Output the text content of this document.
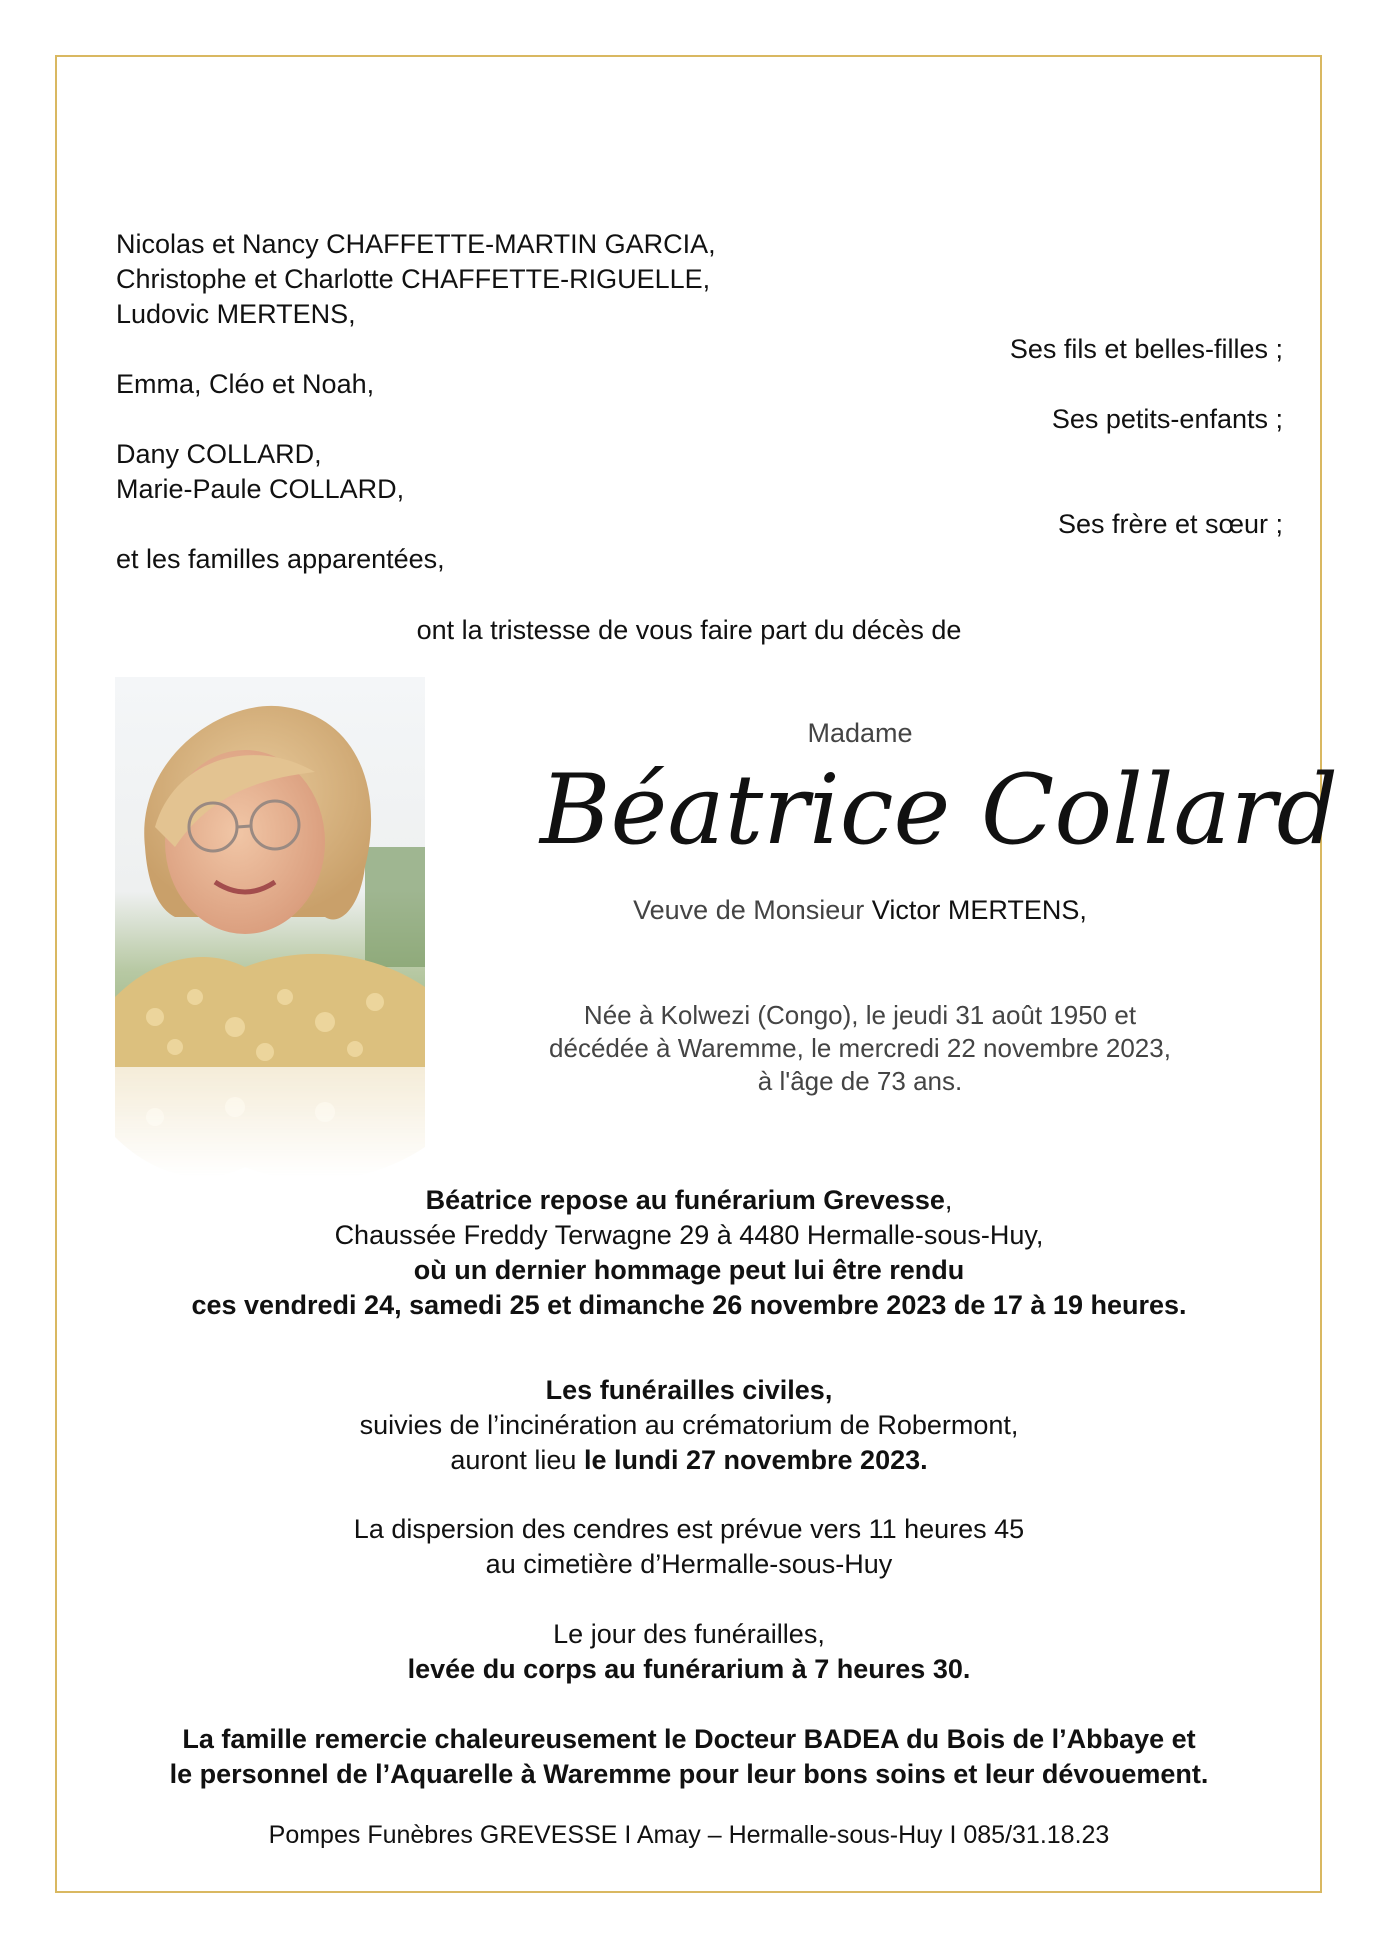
Nicolas et Nancy CHAFFETTE-MARTIN GARCIA,
Christophe et Charlotte CHAFFETTE-RIGUELLE,
Ludovic MERTENS,
Ses fils et belles-filles ;
Emma, Cléo et Noah,
Ses petits-enfants ;
Dany COLLARD,
Marie-Paule COLLARD,
Ses frère et sœur ;
et les familles apparentées,
ont la tristesse de vous faire part du décès de
Madame
Béatrice Collard
Veuve de Monsieur Victor MERTENS,
Née à Kolwezi (Congo), le jeudi 31 août 1950 et
décédée à Waremme, le mercredi 22 novembre 2023,
à l'âge de 73 ans.
Béatrice repose au funérarium Grevesse,
Chaussée Freddy Terwagne 29 à 4480 Hermalle-sous-Huy,
où un dernier hommage peut lui être rendu
ces vendredi 24, samedi 25 et dimanche 26 novembre 2023 de 17 à 19 heures.
Les funérailles civiles,
suivies de l’incinération au crématorium de Robermont,
auront lieu le lundi 27 novembre 2023.
La dispersion des cendres est prévue vers 11 heures 45
au cimetière d’Hermalle-sous-Huy
Le jour des funérailles,
levée du corps au funérarium à 7 heures 30.
La famille remercie chaleureusement le Docteur BADEA du Bois de l’Abbaye et
le personnel de l’Aquarelle à Waremme pour leur bons soins et leur dévouement.
Pompes Funèbres GREVESSE I Amay – Hermalle-sous-Huy I 085/31.18.23
